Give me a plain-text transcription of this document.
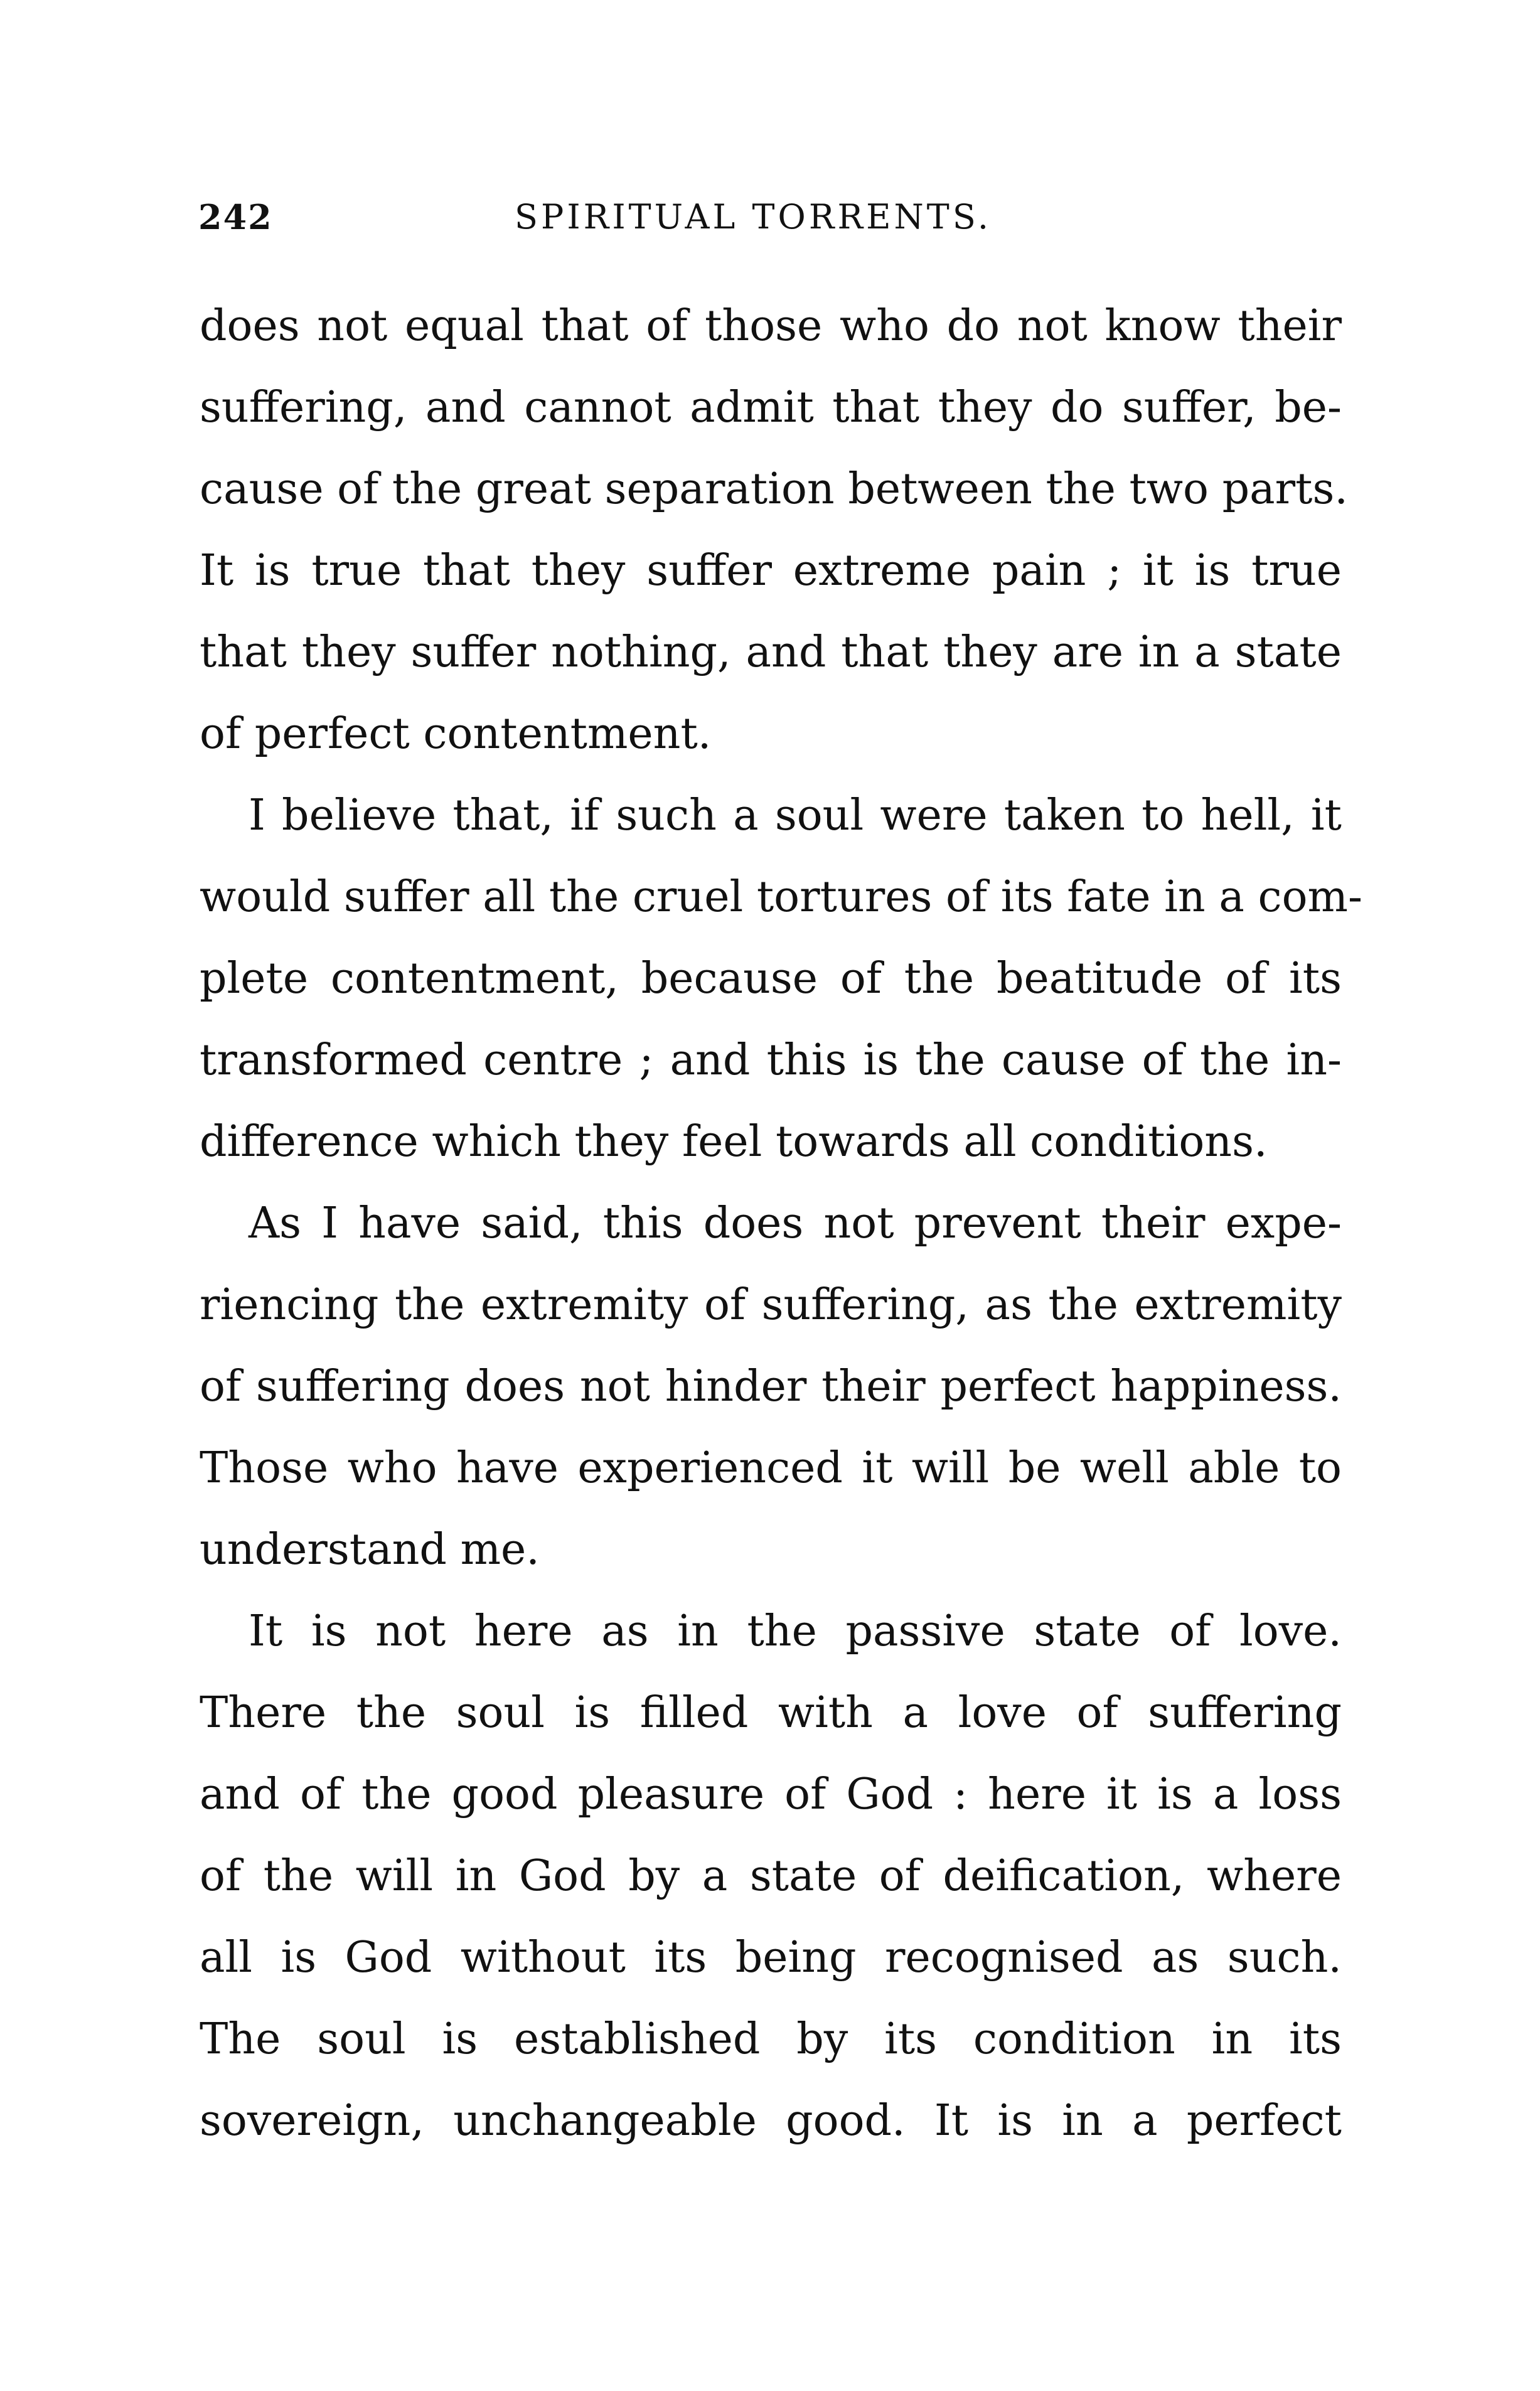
242	SPIRITUAL TORRENTS.
does not equal that of those who do not know their
suffering, and cannot admit that they do suffer, be-
cause of the great separation between the two parts.
It is true that they suffer extreme pain ; it is true
that they suffer nothing, and that they are in a state
of perfect contentment.
I believe that, if such a soul were taken to hell, it
would suffer all the cruel tortures of its fate in a com-
plete contentment, because of the beatitude of its
transformed centre ; and this is the cause of the in-
difference which they feel towards all conditions.
As I have said, this does not prevent their expe-
riencing the extremity of suffering, as the extremity
of suffering does not hinder their perfect happiness.
Those who have experienced it will be well able to
understand me.
It is not here as in the passive state of love.
There the soul is filled with a love of suffering
and of the good pleasure of God : here it is a loss
of the will in God by a state of deification, where
all is God without its being recognised as such.
The soul is established by its condition in its
sovereign, unchangeable good. It is in a perfect
